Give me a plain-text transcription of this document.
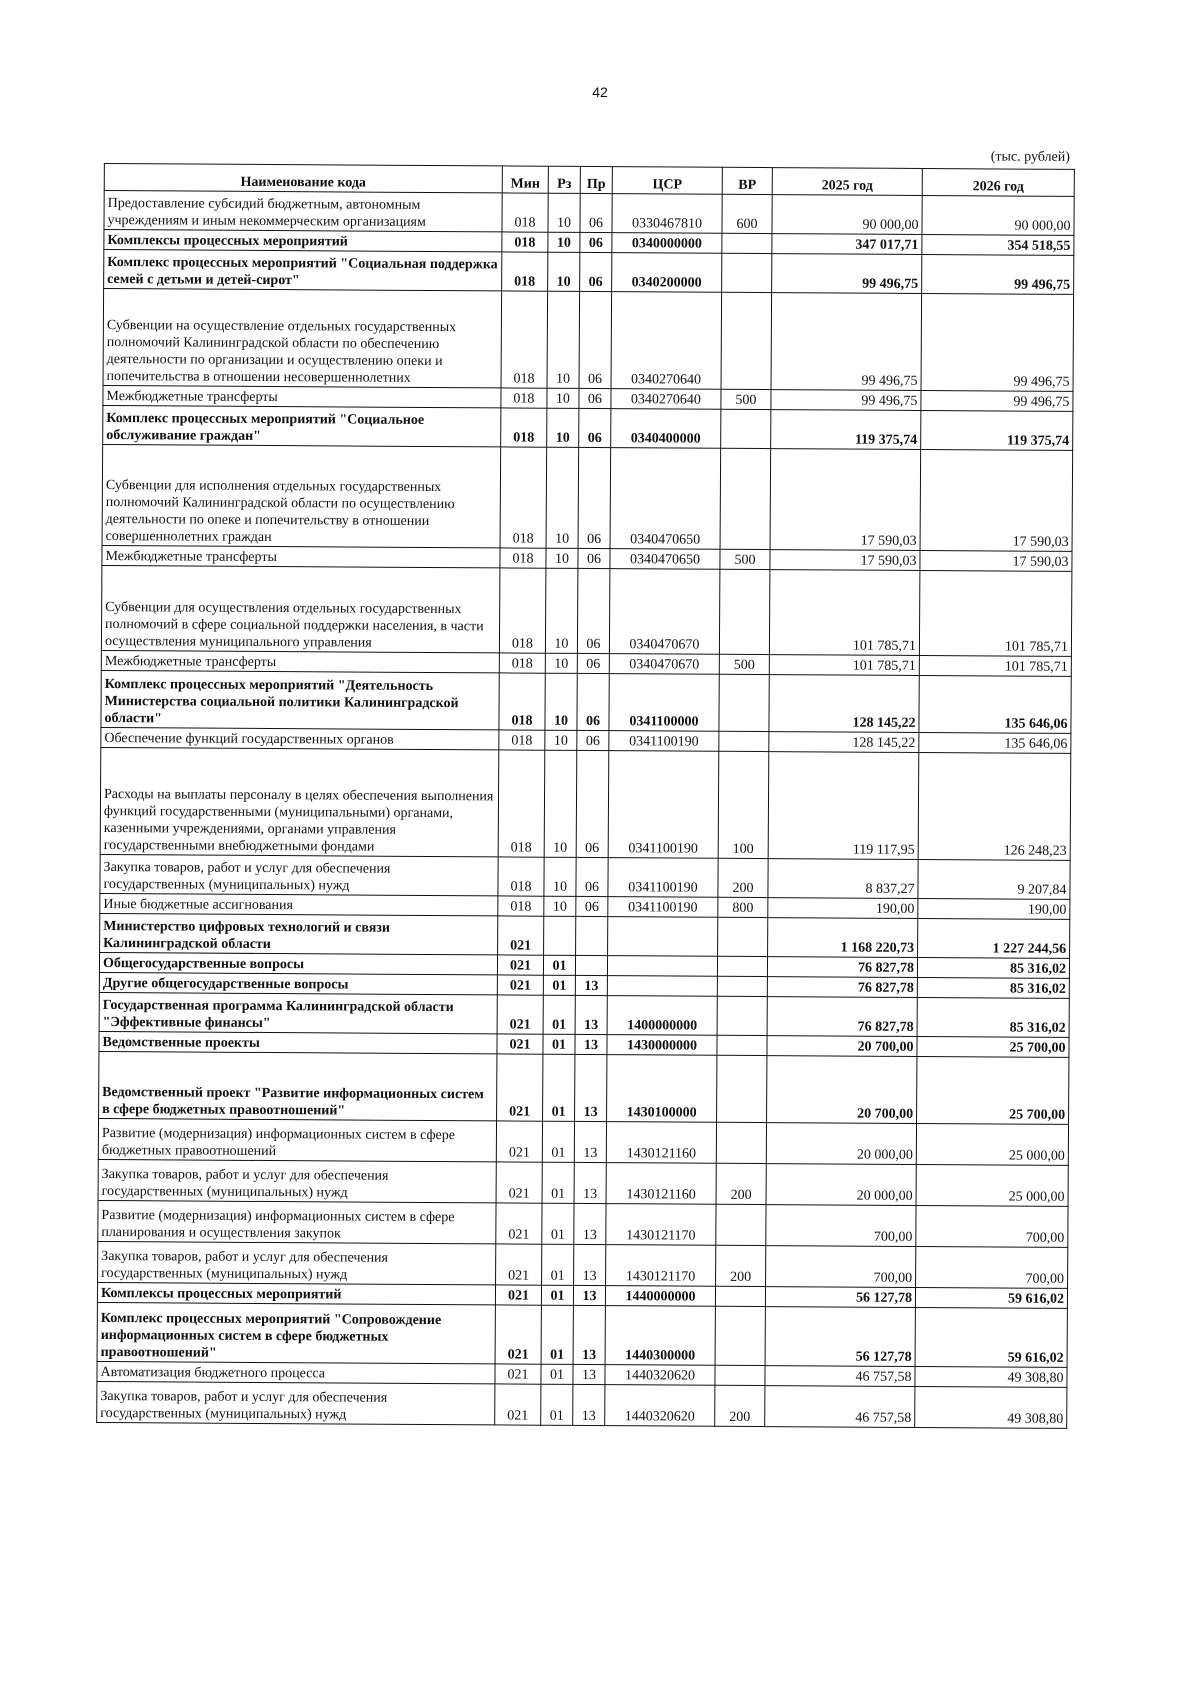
42
(тыс. рублей)
Наименование кода	Мин	Рз	Пр	ЦСР	ВР	2025 год	2026 год
Предоставление субсидий бюджетным, автономным учреждениям и иным некоммерческим организациям	018	10	06	0330467810	600	90 000,00	90 000,00
Комплексы процессных мероприятий	018	10	06	0340000000		347 017,71	354 518,55
Комплекс процессных мероприятий "Социальная поддержка семей с детьми и детей-сирот"	018	10	06	0340200000		99 496,75	99 496,75
Субвенции на осуществление отдельных государственных полномочий Калининградской области по обеспечению деятельности по организации и осуществлению опеки и попечительства в отношении несовершеннолетних	018	10	06	0340270640		99 496,75	99 496,75
Межбюджетные трансферты	018	10	06	0340270640	500	99 496,75	99 496,75
Комплекс процессных мероприятий "Социальное обслуживание граждан"	018	10	06	0340400000		119 375,74	119 375,74
Субвенции для исполнения отдельных государственных полномочий Калининградской области по осуществлению деятельности по опеке и попечительству в отношении совершеннолетних граждан	018	10	06	0340470650		17 590,03	17 590,03
Межбюджетные трансферты	018	10	06	0340470650	500	17 590,03	17 590,03
Субвенции для осуществления отдельных государственных полномочий в сфере социальной поддержки населения, в части осуществления муниципального управления	018	10	06	0340470670		101 785,71	101 785,71
Межбюджетные трансферты	018	10	06	0340470670	500	101 785,71	101 785,71
Комплекс процессных мероприятий "Деятельность Министерства социальной политики Калининградской области"	018	10	06	0341100000		128 145,22	135 646,06
Обеспечение функций государственных органов	018	10	06	0341100190		128 145,22	135 646,06
Расходы на выплаты персоналу в целях обеспечения выполнения функций государственными (муниципальными) органами, казенными учреждениями, органами управления государственными внебюджетными фондами	018	10	06	0341100190	100	119 117,95	126 248,23
Закупка товаров, работ и услуг для обеспечения государственных (муниципальных) нужд	018	10	06	0341100190	200	8 837,27	9 207,84
Иные бюджетные ассигнования	018	10	06	0341100190	800	190,00	190,00
Министерство цифровых технологий и связи Калининградской области	021					1 168 220,73	1 227 244,56
Общегосударственные вопросы	021	01				76 827,78	85 316,02
Другие общегосударственные вопросы	021	01	13			76 827,78	85 316,02
Государственная программа Калининградской области "Эффективные финансы"	021	01	13	1400000000		76 827,78	85 316,02
Ведомственные проекты	021	01	13	1430000000		20 700,00	25 700,00
Ведомственный проект "Развитие информационных систем в сфере бюджетных правоотношений"	021	01	13	1430100000		20 700,00	25 700,00
Развитие (модернизация) информационных систем в сфере бюджетных правоотношений	021	01	13	1430121160		20 000,00	25 000,00
Закупка товаров, работ и услуг для обеспечения государственных (муниципальных) нужд	021	01	13	1430121160	200	20 000,00	25 000,00
Развитие (модернизация) информационных систем в сфере планирования и осуществления закупок	021	01	13	1430121170		700,00	700,00
Закупка товаров, работ и услуг для обеспечения государственных (муниципальных) нужд	021	01	13	1430121170	200	700,00	700,00
Комплексы процессных мероприятий	021	01	13	1440000000		56 127,78	59 616,02
Комплекс процессных мероприятий "Сопровождение информационных систем в сфере бюджетных правоотношений"	021	01	13	1440300000		56 127,78	59 616,02
Автоматизация бюджетного процесса	021	01	13	1440320620		46 757,58	49 308,80
Закупка товаров, работ и услуг для обеспечения государственных (муниципальных) нужд	021	01	13	1440320620	200	46 757,58	49 308,80
